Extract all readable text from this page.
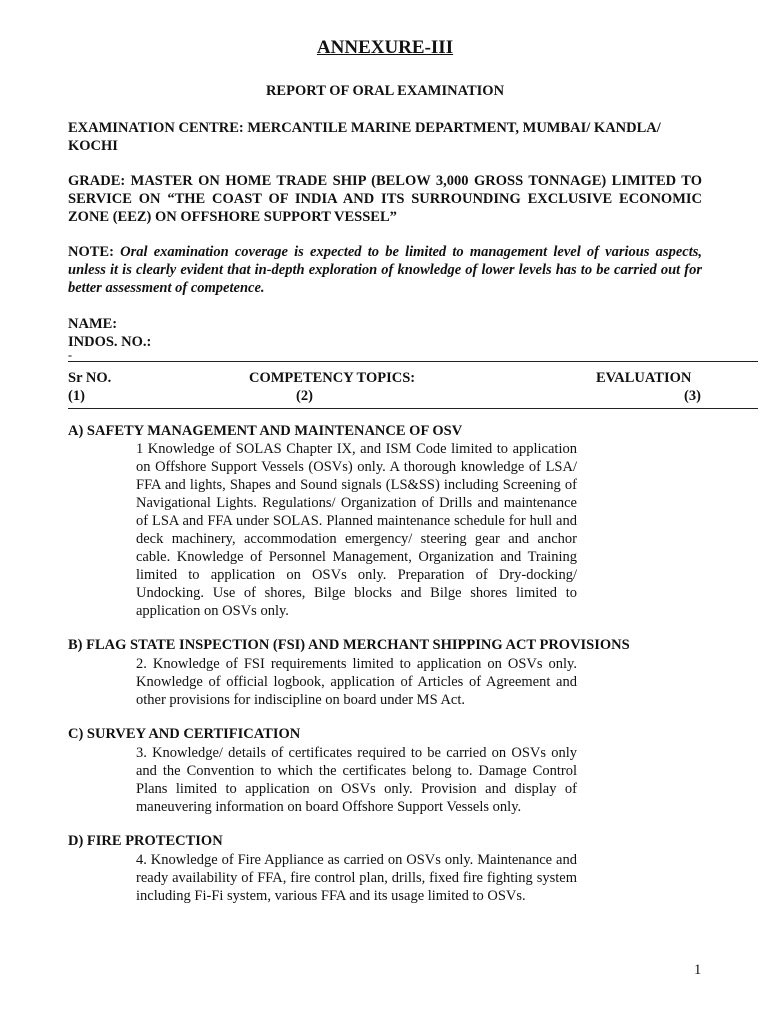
ANNEXURE-III
REPORT OF ORAL EXAMINATION
EXAMINATION CENTRE: MERCANTILE MARINE DEPARTMENT, MUMBAI/ KANDLA/ KOCHI
GRADE: MASTER ON HOME TRADE SHIP (BELOW 3,000 GROSS TONNAGE) LIMITED TO SERVICE ON “THE COAST OF INDIA AND ITS SURROUNDING EXCLUSIVE ECONOMIC ZONE (EEZ) ON OFFSHORE SUPPORT VESSEL”
NOTE: Oral examination coverage is expected to be limited to management level of various aspects, unless it is clearly evident that in-depth exploration of knowledge of lower levels has to be carried out for better assessment of competence.
NAME:
INDOS. NO.:
-
Sr NO.	COMPETENCY TOPICS:	EVALUATION
(1)	(2)	(3)
A) SAFETY MANAGEMENT AND MAINTENANCE OF OSV
1 Knowledge of SOLAS Chapter IX, and ISM Code limited to application on Offshore Support Vessels (OSVs) only. A thorough knowledge of LSA/ FFA and lights, Shapes and Sound signals (LS&SS) including Screening of Navigational Lights. Regulations/ Organization of Drills and maintenance of LSA and FFA under SOLAS. Planned maintenance schedule for hull and deck machinery, accommodation emergency/ steering gear and anchor cable. Knowledge of Personnel Management, Organization and Training limited to application on OSVs only. Preparation of Dry-docking/ Undocking. Use of shores, Bilge blocks and Bilge shores limited to application on OSVs only.
B) FLAG STATE INSPECTION (FSI) AND MERCHANT SHIPPING ACT PROVISIONS
2. Knowledge of FSI requirements limited to application on OSVs only. Knowledge of official logbook, application of Articles of Agreement and other provisions for indiscipline on board under MS Act.
C) SURVEY AND CERTIFICATION
3. Knowledge/ details of certificates required to be carried on OSVs only and the Convention to which the certificates belong to. Damage Control Plans limited to application on OSVs only. Provision and display of maneuvering information on board Offshore Support Vessels only.
D) FIRE PROTECTION
4. Knowledge of Fire Appliance as carried on OSVs only. Maintenance and ready availability of FFA, fire control plan, drills, fixed fire fighting system including Fi-Fi system, various FFA and its usage limited to OSVs.
1
